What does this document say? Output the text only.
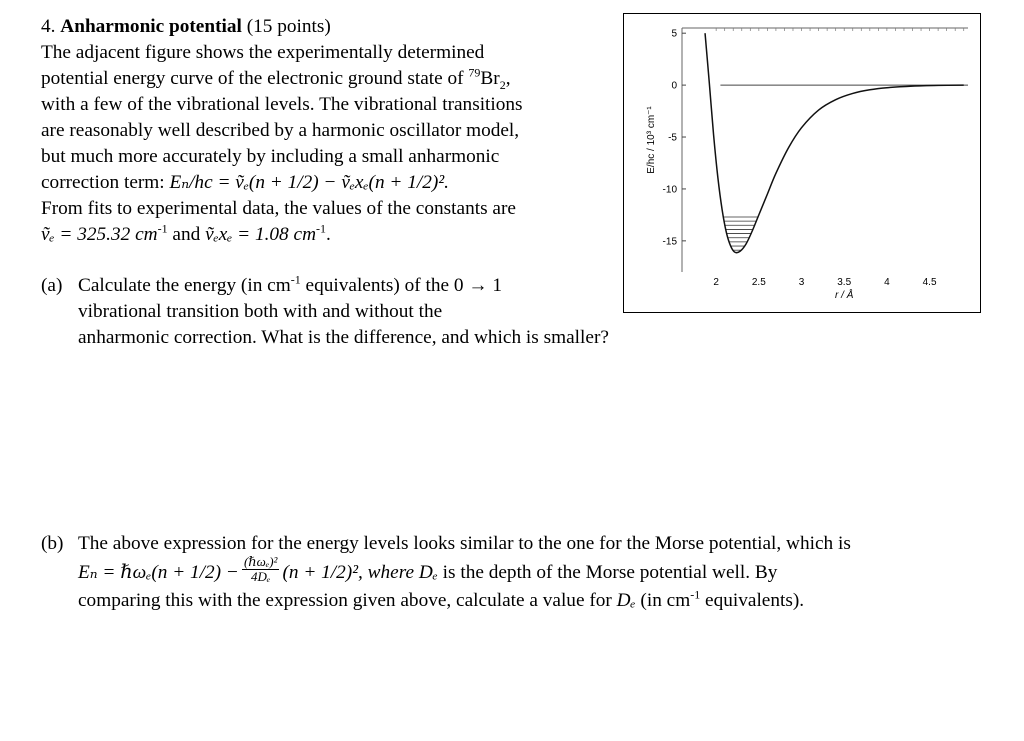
4. Anharmonic potential (15 points)

The adjacent figure shows the experimentally determined

potential energy curve of the electronic ground state of $^{79}Br_2$,

with a few of the vibrational levels. The vibrational transitions

are reasonably well described by a harmonic oscillator model,

but much more accurately by including a small anharmonic

correction term: Eₙ/hc = ṽₑ(n + 1/2) − ṽₑxₑ(n + 1/2)².

From fits to experimental data, the values of the constants are

ṽₑ = 325.32 $cm^{-1}$ and ṽₑxₑ = 1.08 $cm^{-1}$.

(a) Calculate the energy (in $cm^{-1}$ equivalents) of the 0 → 1
vibrational transition both with and without the
anharmonic correction. What is the difference, and which is smaller?
(b) The above expression for the energy levels looks similar to the one for the Morse potential, which is
Eₙ = ℏωₑ(n + $1/2) - \frac{\text{(ℏωₑ)²}}{\text{4Dₑ}} (n + 1/2)^2$, where Dₑ is the depth of the Morse potential well. By
comparing this with the expression given above, calculate a value for Dₑ (in $cm^{-1}$ equivalents).
5
0
-5
-10
-15
2	2.5	3	3.5	4	4.5
r / Å
E/hc / 10³ cm⁻¹
